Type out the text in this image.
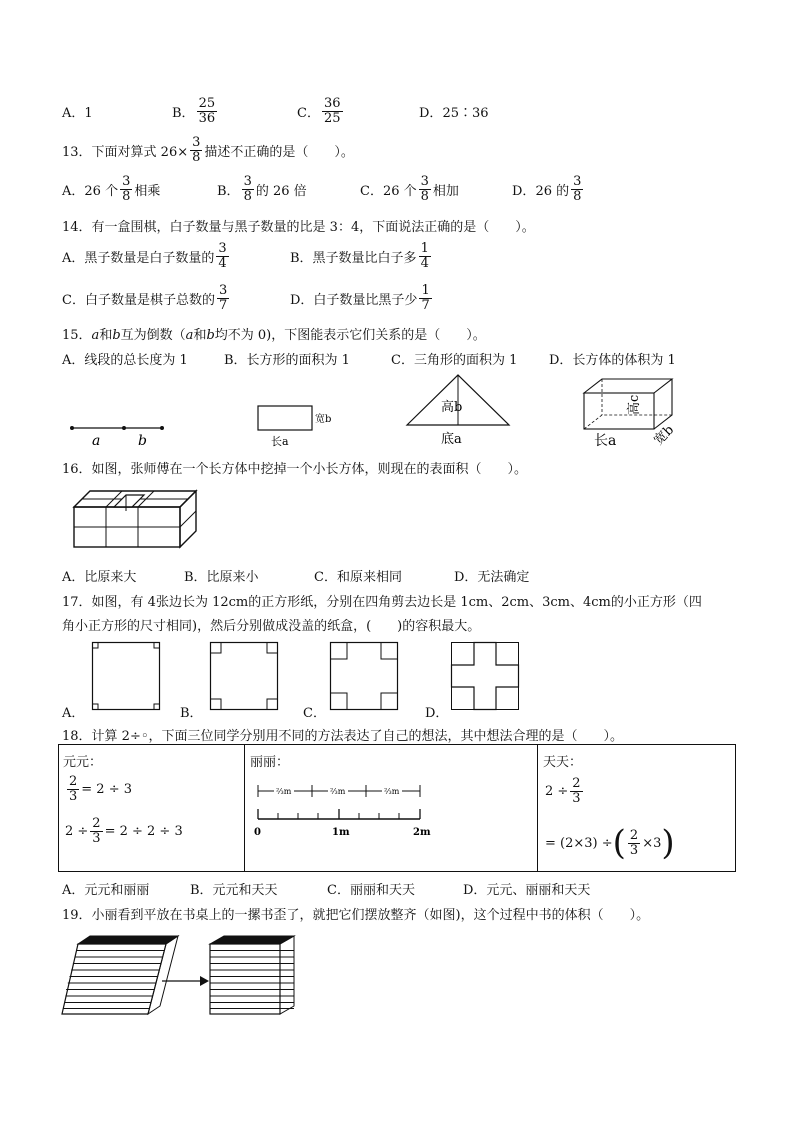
A．1	B． $\frac{25}{36}$	C． $\frac{36}{25}$	D．25∶36
13．下面对算式 $26\times \frac{3}{8}$ 描述不正确的是（　　）。
A． 26 个 $\frac{3}{8}$ 相乘	B． $\frac{3}{8}$ 的 26 倍	C． 26 个 $\frac{3}{8}$ 相加	D． 26 的 $\frac{3}{8}$
14．有一盒围棋，白子数量与黑子数量的比是 3：4，下面说法正确的是（　　）。
A．黑子数量是白子数量的 $\frac{3}{4}$	B．黑子数量比白子多 $\frac{1}{4}$
C．白子数量是棋子总数的 $\frac{3}{7}$	D．白子数量比黑子少 $\frac{1}{7}$
15．a和b互为倒数（a和b均不为 0)，下图能表示它们关系的是（　　）。
A．线段的总长度为 1	B．长方形的面积为 1	C．三角形的面积为 1 D．长方体的体积为 1
a	b	长a
宽b
高b
底a
高c
长a	宽b
16．如图，张师傅在一个长方体中挖掉一个小长方体，则现在的表面积（　　）。
A．比原来大	B．比原来小	C．和原来相同	D．无法确定
17．如图，有 4张边长为 12cm的正方形纸，分别在四角剪去边长是 1cm、2cm、3cm、4cm的小正方形（四
角小正方形的尺寸相同)，然后分别做成没盖的纸盒，(　　)的容积最大。
A．	B．	C．	D．
18．计算 2÷◦，下面三位同学分别用不同的方法表达了自己的想法，其中想法合理的是（　　）。
元元：
$\frac{2}{3} = 2 \div 3$
$2 \div \frac{2}{3} = 2 \div 2 \div 3$
丽丽：
⅔m	⅔m	⅔m
0	1m	2m
天天：
$2 \div \frac{2}{3}$
= (2×3) ÷ ( $\frac{2}{3} \times 3$ )
A．元元和丽丽	B．元元和天天	C．丽丽和天天	D．元元、丽丽和天天
19．小丽看到平放在书桌上的一摞书歪了，就把它们摆放整齐（如图)，这个过程中书的体积（　　）。
